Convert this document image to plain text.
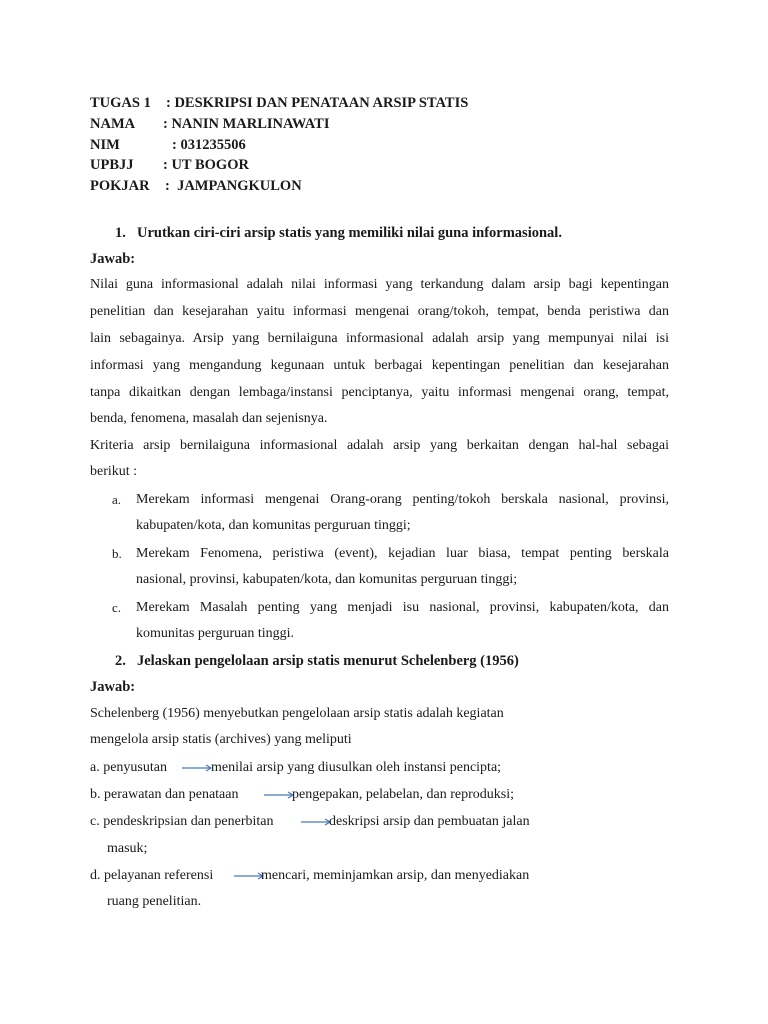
TUGAS 1 : DESKRIPSI DAN PENATAAN ARSIP STATIS
NAMA : NANIN MARLINAWATI
NIM	: 031235506
UPBJJ : UT BOGOR
POKJAR :  JAMPANGKULON
1. Urutkan ciri-ciri arsip statis yang memiliki nilai guna informasional.
Jawab:
Nilai guna informasional adalah nilai informasi yang terkandung dalam arsip bagi kepentingan
penelitian dan kesejarahan yaitu informasi mengenai orang/tokoh, tempat, benda peristiwa dan
lain sebagainya. Arsip yang bernilaiguna informasional adalah arsip yang mempunyai nilai isi
informasi yang mengandung kegunaan untuk berbagai kepentingan penelitian dan kesejarahan
tanpa dikaitkan dengan lembaga/instansi penciptanya, yaitu informasi mengenai orang, tempat,
benda, fenomena, masalah dan sejenisnya.
Kriteria arsip bernilaiguna informasional adalah arsip yang berkaitan dengan hal-hal sebagai
berikut :
a. Merekam informasi mengenai Orang-orang penting/tokoh berskala nasional, provinsi,
kabupaten/kota, dan komunitas perguruan tinggi;
b. Merekam Fenomena, peristiwa (event), kejadian luar biasa, tempat penting berskala
nasional, provinsi, kabupaten/kota, dan komunitas perguruan tinggi;
c. Merekam Masalah penting yang menjadi isu nasional, provinsi, kabupaten/kota, dan
komunitas perguruan tinggi.
2. Jelaskan pengelolaan arsip statis menurut Schelenberg (1956)
Jawab:
Schelenberg (1956) menyebutkan pengelolaan arsip statis adalah kegiatan
mengelola arsip statis (archives) yang meliputi
a. penyusutan	menilai arsip yang diusulkan oleh instansi pencipta;
b. perawatan dan penataan	pengepakan, pelabelan, dan reproduksi;
c. pendeskripsian dan penerbitan	deskripsi arsip dan pembuatan jalan
masuk;
d. pelayanan referensi	mencari, meminjamkan arsip, dan menyediakan
ruang penelitian.
